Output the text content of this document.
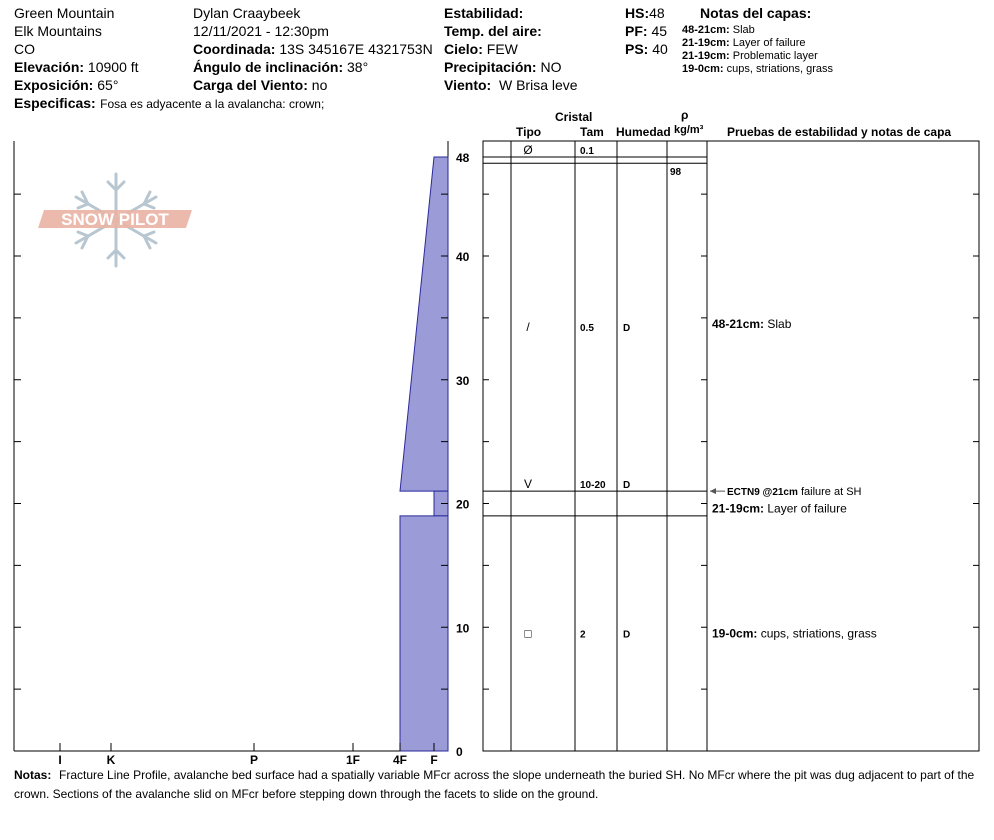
Green Mountain
Elk Mountains
CO
Elevación: 10900 ft
Exposición: 65°
Especificas: Fosa es adyacente a la avalancha: crown;
Dylan Craaybeek
12/11/2021 - 12:30pm
Coordinada: 13S 345167E 4321753N
Ángulo de inclinación: 38°
Carga del Viento: no
Estabilidad:
Temp. del aire:
Cielo: FEW
Precipitación: NO
Viento: W Brisa leve
HS:48
PF: 45
PS: 40
Notas del capas:
48-21cm: Slab
21-19cm: Layer of failure
21-19cm: Problematic layer
19-0cm: cups, striations, grass
Cristal
Tipo	Tam Humedad
ρ
kg/m³ Pruebas de estabilidad y notas de capa
SNOW PILOT
0
10
20
30
40
48
I	K	P	1F	4F F
Ø	0.1
/	0.5	D
V	10-20 D
□	2	D
98
48-21cm: Slab
21-19cm: Layer of failure
19-0cm: cups, striations, grass
ECTN9 @21cm failure at SH
Notas: Fracture Line Profile, avalanche bed surface had a spatially variable MFcr across the slope underneath the buried SH. No MFcr where the pit was dug adjacent to part of the crown. Sections of the avalanche slid on MFcr before stepping down through the facets to slide on the ground.
